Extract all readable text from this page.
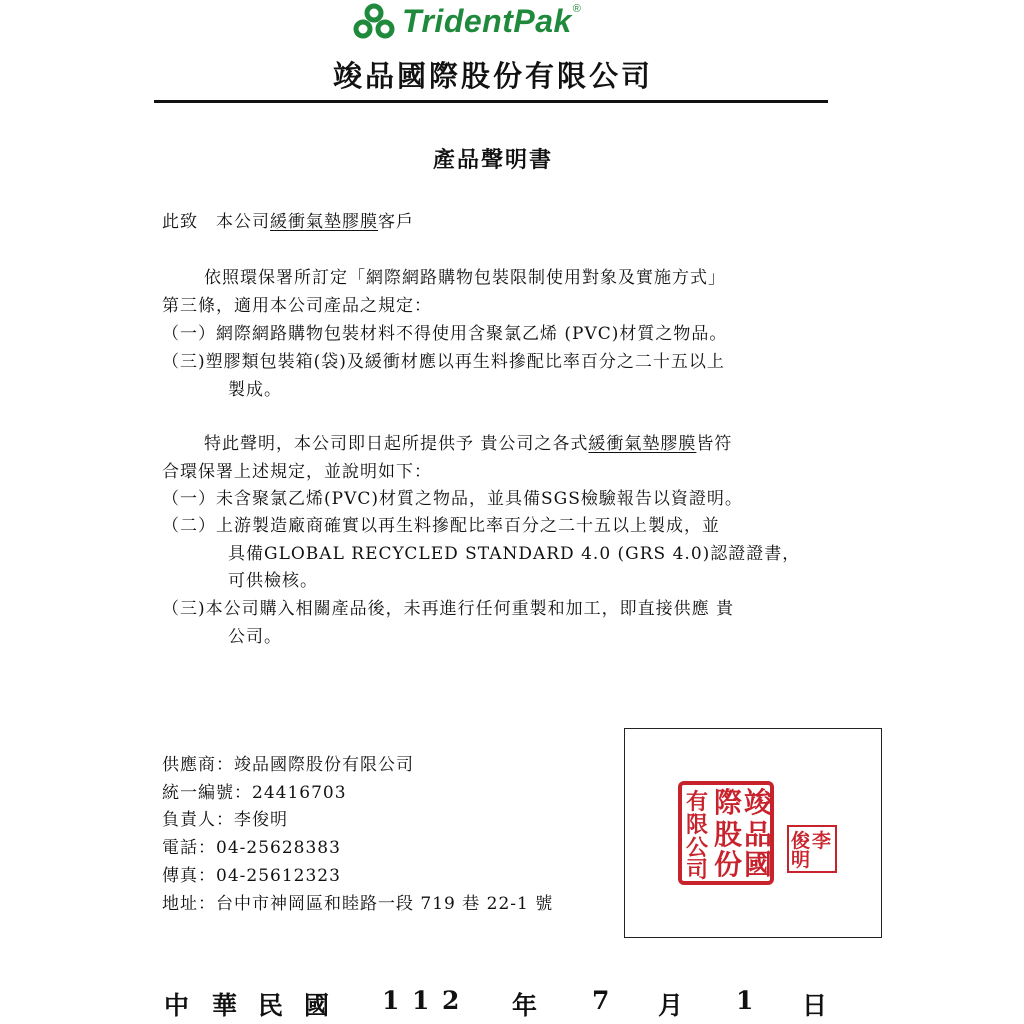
TridentPak ®
竣品國際股份有限公司
產品聲明書
此致　本公司緩衝氣墊膠膜客戶
依照環保署所訂定「網際網路購物包裝限制使用對象及實施方式」
第三條，適用本公司產品之規定：
（一）網際網路購物包裝材料不得使用含聚氯乙烯 (PVC)材質之物品。
（三)塑膠類包裝箱(袋)及緩衝材應以再生料摻配比率百分之二十五以上
製成。
特此聲明，本公司即日起所提供予 貴公司之各式緩衝氣墊膠膜皆符
合環保署上述規定，並說明如下：
（一）未含聚氯乙烯(PVC)材質之物品，並具備SGS檢驗報告以資證明。
（二）上游製造廠商確實以再生料摻配比率百分之二十五以上製成，並
具備GLOBAL RECYCLED STANDARD 4.0 (GRS 4.0)認證證書，
可供檢核。
（三)本公司購入相關產品後，未再進行任何重製和加工，即直接供應 貴
公司。
供應商：竣品國際股份有限公司
統一編號：24416703
負責人：李俊明
電話：04-25628383
傳真：04-25612323
地址：台中市神岡區和睦路一段 719 巷 22-1 號
竣
品
國
際
股
份
有
限
公
司
李
俊
明
中 華 民 國 1 1 2 年 7 月 1 日
